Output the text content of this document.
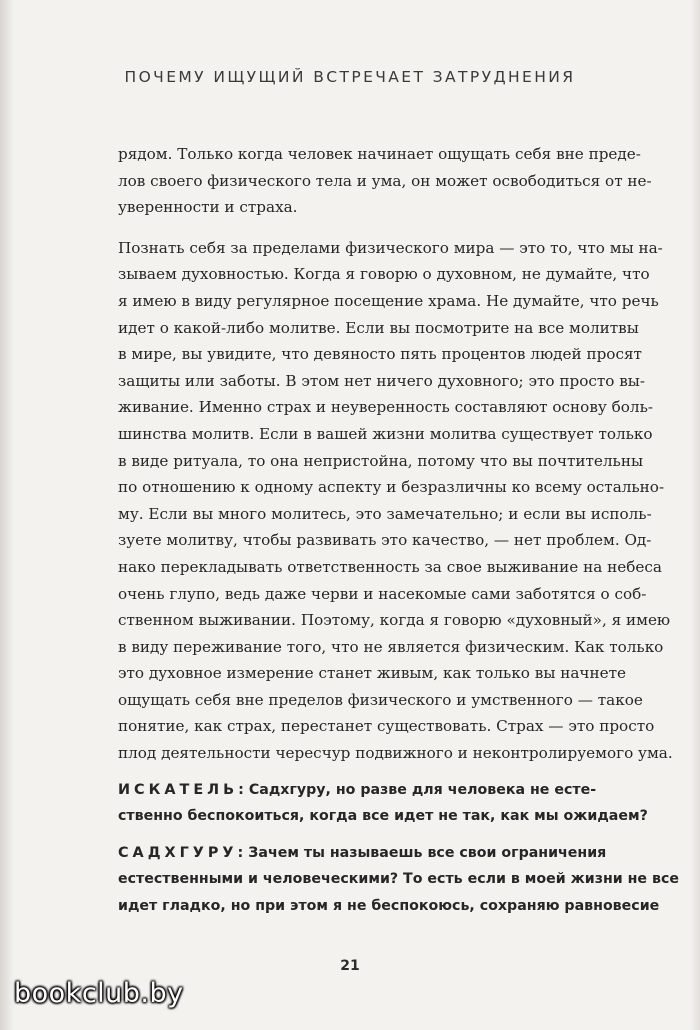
ПОЧЕМУ ИЩУЩИЙ ВСТРЕЧАЕТ ЗАТРУДНЕНИЯ
рядом. Только когда человек начинает ощущать себя вне преде-
лов своего физического тела и ума, он может освободиться от не-
уверенности и страха.
Познать себя за пределами физического мира — это то, что мы на-
зываем духовностью. Когда я говорю о духовном, не думайте, что
я имею в виду регулярное посещение храма. Не думайте, что речь
идет о какой-либо молитве. Если вы посмотрите на все молитвы
в мире, вы увидите, что девяносто пять процентов людей просят
защиты или заботы. В этом нет ничего духовного; это просто вы-
живание. Именно страх и неуверенность составляют основу боль-
шинства молитв. Если в вашей жизни молитва существует только
в виде ритуала, то она непристойна, потому что вы почтительны
по отношению к одному аспекту и безразличны ко всему остально-
му. Если вы много молитесь, это замечательно; и если вы исполь-
зуете молитву, чтобы развивать это качество, — нет проблем. Од-
нако перекладывать ответственность за свое выживание на небеса
очень глупо, ведь даже черви и насекомые сами заботятся о соб-
ственном выживании. Поэтому, когда я говорю «духовный», я имею
в виду переживание того, что не является физическим. Как только
это духовное измерение станет живым, как только вы начнете
ощущать себя вне пределов физического и умственного — такое
понятие, как страх, перестанет существовать. Страх — это просто
плод деятельности чересчур подвижного и неконтролируемого ума.
ИСКАТЕЛЬ: Садхгуру, но разве для человека не есте-
ственно беспокоиться, когда все идет не так, как мы ожидаем?
САДХГУРУ: Зачем ты называешь все свои ограничения
естественными и человеческими? То есть если в моей жизни не все
идет гладко, но при этом я не беспокоюсь, сохраняю равновесие
21
bookclub.by
